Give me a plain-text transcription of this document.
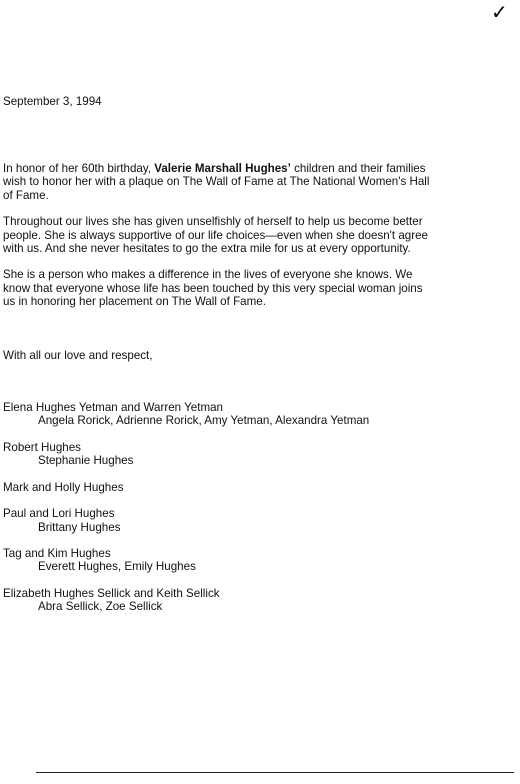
✓

September 3, 1994

In honor of her 60th birthday, Valerie Marshall Hughes’ children and their families wish to honor her with a plaque on The Wall of Fame at The National Women's Hall of Fame.

Throughout our lives she has given unselfishly of herself to help us become better people. She is always supportive of our life choices—even when she doesn't agree with us. And she never hesitates to go the extra mile for us at every opportunity.

She is a person who makes a difference in the lives of everyone she knows. We know that everyone whose life has been touched by this very special woman joins us in honoring her placement on The Wall of Fame.

With all our love and respect,

Elena Hughes Yetman and Warren Yetman

Angela Rorick, Adrienne Rorick, Amy Yetman, Alexandra Yetman

Robert Hughes

Stephanie Hughes

Mark and Holly Hughes

Paul and Lori Hughes

Brittany Hughes

Tag and Kim Hughes

Everett Hughes, Emily Hughes

Elizabeth Hughes Sellick and Keith Sellick

Abra Sellick, Zoe Sellick
